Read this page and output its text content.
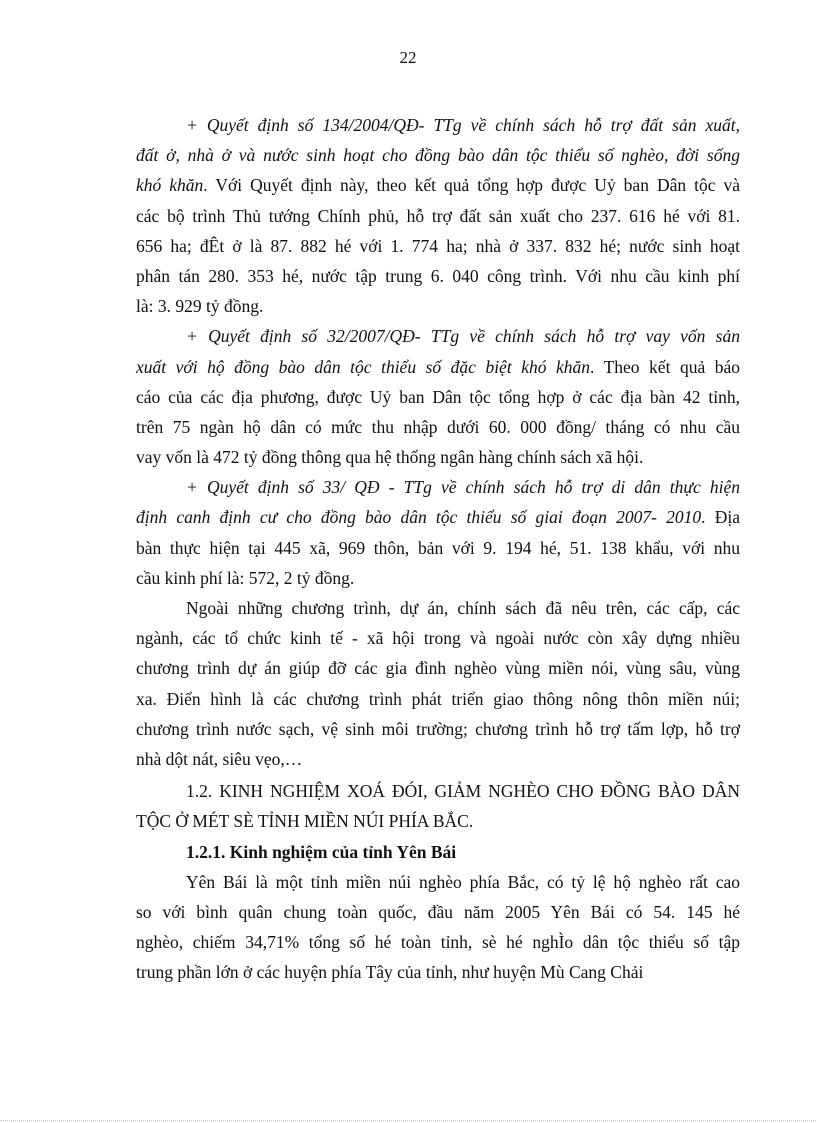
22
+ Quyết định số 134/2004/QĐ- TTg về chính sách hỗ trợ đất sản xuất,
đất ở, nhà ở và nước sinh hoạt cho đồng bào dân tộc thiểu số nghèo, đời sống
khó khăn. Với Quyết định này, theo kết quả tổng hợp được Uỷ ban Dân tộc và
các bộ trình Thủ tướng Chính phủ, hỗ trợ đất sản xuất cho 237. 616 hé với 81.
656 ha; đÊt ở là 87. 882 hé với 1. 774 ha; nhà ở 337. 832 hé; nước sinh hoạt
phân tán 280. 353 hé, nước tập trung 6. 040 công trình. Với nhu cầu kinh phí
là: 3. 929 tỷ đồng.
+ Quyết định số 32/2007/QĐ- TTg về chính sách hỗ trợ vay vốn sản
xuất với hộ đồng bào dân tộc thiểu số đặc biệt khó khăn. Theo kết quả báo
cáo của các địa phương, được Uỷ ban Dân tộc tổng hợp ở các địa bàn 42 tỉnh,
trên 75 ngàn hộ dân có mức thu nhập dưới 60. 000 đồng/ tháng có nhu cầu
vay vốn là 472 tỷ đồng thông qua hệ thống ngân hàng chính sách xã hội.
+ Quyết định số 33/ QĐ - TTg về chính sách hỗ trợ di dân thực hiện
định canh định cư cho đồng bào dân tộc thiểu số giai đoạn 2007- 2010. Địa
bàn thực hiện tại 445 xã, 969 thôn, bản với 9. 194 hé, 51. 138 khẩu, với nhu
cầu kinh phí là: 572, 2 tỷ đồng.
Ngoài những chương trình, dự án, chính sách đã nêu trên, các cấp, các
ngành, các tổ chức kinh tế - xã hội trong và ngoài nước còn xây dựng nhiều
chương trình dự án giúp đỡ các gia đình nghèo vùng miền nói, vùng sâu, vùng
xa. Điển hình là các chương trình phát triển giao thông nông thôn miền núi;
chương trình nước sạch, vệ sinh môi trường; chương trình hỗ trợ tấm lợp, hỗ trợ
nhà dột nát, siêu vẹo,…
1.2. KINH NGHIỆM XOÁ ĐÓI, GIẢM NGHÈO CHO ĐỒNG BÀO DÂN
TỘC Ở MÉT SÈ TỈNH MIỀN NÚI PHÍA BẮC.
1.2.1. Kinh nghiệm của tỉnh Yên Bái
Yên Bái là một tỉnh miền núi nghèo phía Bắc, có tỷ lệ hộ nghèo rất cao
so với bình quân chung toàn quốc, đầu năm 2005 Yên Bái có 54. 145 hé
nghèo, chiếm 34,71% tổng số hé toàn tỉnh, sè hé nghÌo dân tộc thiểu số tập
trung phần lớn ở các huyện phía Tây của tỉnh, như huyện Mù Cang Chải
